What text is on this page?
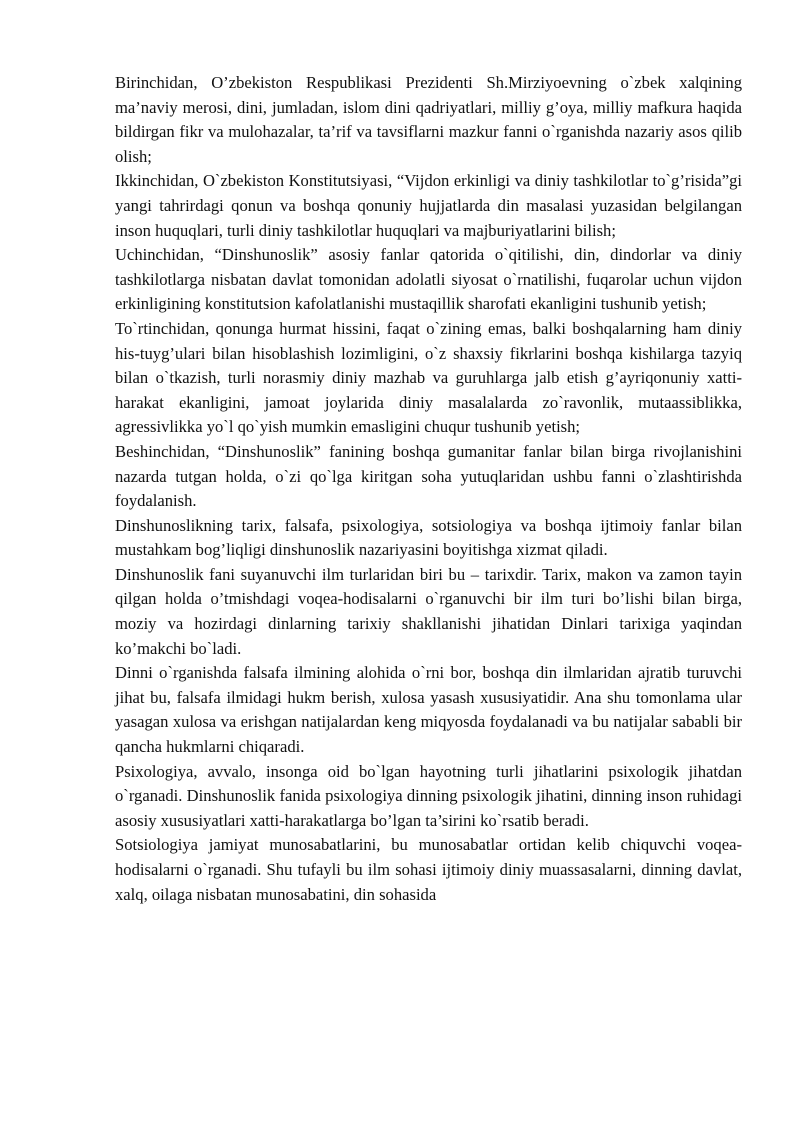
Birinchidan, O’zbekiston Respublikasi Prezidenti Sh.Mirziyoevning o`zbek xalqining ma’naviy merosi, dini, jumladan, islom dini qadriyatlari, milliy g’oya, milliy mafkura haqida bildirgan fikr va mulohazalar, ta’rif va tavsiflarni mazkur fanni o`rganishda nazariy asos qilib olish;

Ikkinchidan, O`zbekiston Konstitutsiyasi, “Vijdon erkinligi va diniy tashkilotlar to`g’risida”gi yangi tahrirdagi qonun va boshqa qonuniy hujjatlarda din masalasi yuzasidan belgilangan inson huquqlari, turli diniy tashkilotlar huquqlari va majburiyatlarini bilish;

Uchinchidan, “Dinshunoslik” asosiy fanlar qatorida o`qitilishi, din, dindorlar va diniy tashkilotlarga nisbatan davlat tomonidan adolatli siyosat o`rnatilishi, fuqarolar uchun vijdon erkinligining konstitutsion kafolatlanishi mustaqillik sharofati ekanligini tushunib yetish;

To`rtinchidan, qonunga hurmat hissini, faqat o`zining emas, balki boshqalarning ham diniy his-tuyg’ulari bilan hisoblashish lozimligini, o`z shaxsiy fikrlarini boshqa kishilarga tazyiq bilan o`tkazish, turli norasmiy diniy mazhab va guruhlarga jalb etish g’ayriqonuniy xatti-harakat ekanligini, jamoat joylarida diniy masalalarda zo`ravonlik, mutaassiblikka, agressivlikka yo`l qo`yish mumkin emasligini chuqur tushunib yetish;

Beshinchidan, “Dinshunoslik” fanining boshqa gumanitar fanlar bilan birga rivojlanishini nazarda tutgan holda, o`zi qo`lga kiritgan soha yutuqlaridan ushbu fanni o`zlashtirishda foydalanish.

Dinshunoslikning tarix, falsafa, psixologiya, sotsiologiya va boshqa ijtimoiy fanlar bilan mustahkam bog’liqligi dinshunoslik nazariyasini boyitishga xizmat qiladi.

Dinshunoslik fani suyanuvchi ilm turlaridan biri bu – tarixdir. Tarix, makon va zamon tayin qilgan holda o’tmishdagi voqea-hodisalarni o`rganuvchi bir ilm turi bo’lishi bilan birga, moziy va hozirdagi dinlarning tarixiy shakllanishi jihatidan Dinlari tarixiga yaqindan ko’makchi bo`ladi.

Dinni o`rganishda falsafa ilmining alohida o`rni bor, boshqa din ilmlaridan ajratib turuvchi jihat bu, falsafa ilmidagi hukm berish, xulosa yasash xususiyatidir. Ana shu tomonlama ular yasagan xulosa va erishgan natijalardan keng miqyosda foydalanadi va bu natijalar sababli bir qancha hukmlarni chiqaradi.

Psixologiya, avvalo, insonga oid bo`lgan hayotning turli jihatlarini psixologik jihatdan o`rganadi. Dinshunoslik fanida psixologiya dinning psixologik jihatini, dinning inson ruhidagi asosiy xususiyatlari xatti-harakatlarga bo’lgan ta’sirini ko`rsatib beradi.

Sotsiologiya jamiyat munosabatlarini, bu munosabatlar ortidan kelib chiquvchi voqea-hodisalarni o`rganadi. Shu tufayli bu ilm sohasi ijtimoiy diniy muassasalarni, dinning davlat, xalq, oilaga nisbatan munosabatini, din sohasida
